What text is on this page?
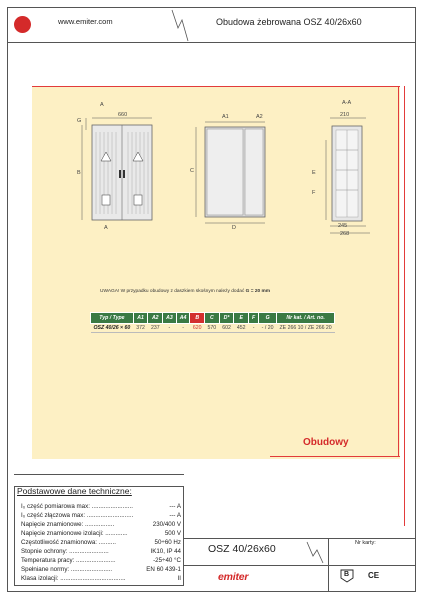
www.emiter.com	Obudowa żebrowana OSZ 40/26x60
A
660
G
B
A
A1	A2
C
D
A-A
210
E
F
245
268
UWAGA! W przypadku obudowy z daszkiem skośnym należy dodać G = 20 mm
Typ / Type	A1	A2	A3	A4	B	C	D*	E	F	G	Nr kat. / Art. no.
OSZ 40/26 × 60	372	237	-	-	620	570	602	452	-	- / 20	ZE 266 10 / ZE 266 20
Obudowy
Podstawowe dane techniczne:
I₀ część pomiarowa max: ........................	--- A
I₀ część złączowa max: ...........................	--- A
Napięcie znamionowe: .................	230/400 V
Napięcie znamionowe izolacji: .............	500 V
Częstotliwość znamionowa: ..........	50÷60 Hz
Stopnie ochrony: .......................	IK10, IP 44
Temperatura pracy: .......................	-25÷40 °C
Spełniane normy: ........................	EN 60 439-1
Klasa izolacji: ......................................	II
OSZ 40/26x60	Nr karty:
emiter	B CE
